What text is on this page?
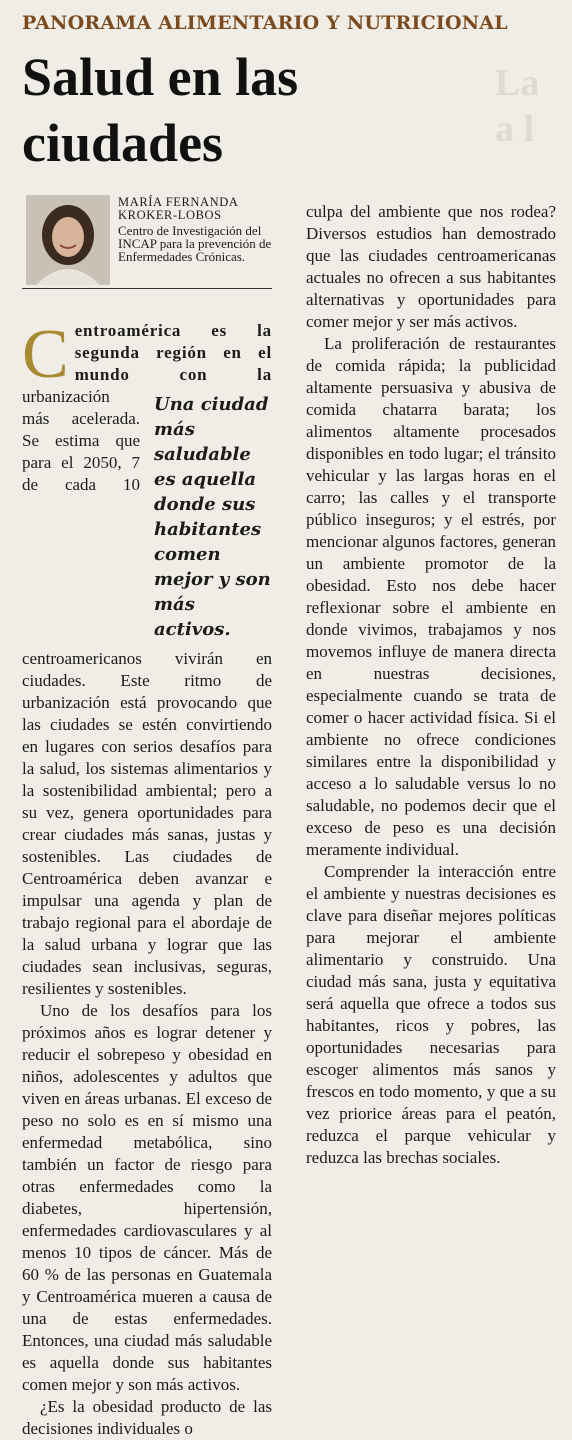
PANORAMA ALIMENTARIO Y NUTRICIONAL
Salud en las ciudades
La
a l
MARÍA FERNANDA
KROKER-LOBOS
Centro de Investigación del INCAP para la prevención de Enfermedades Crónicas.

C entroamérica es la segunda región en el mundo con la
Una ciudad más saludable es aquella donde sus habitantes comen mejor y son más activos.
urbanización más acelerada. Se estima que para el 2050, 7 de cada 10 centroamericanos vivirán en ciudades. Este ritmo de urbanización está provocando que las ciudades se estén convirtiendo en lugares con serios desafíos para la salud, los sistemas alimentarios y la sostenibilidad ambiental; pero a su vez, genera oportunidades para crear ciudades más sanas, justas y sostenibles. Las ciudades de Centroamérica deben avanzar e impulsar una agenda y plan de trabajo regional para el abordaje de la salud urbana y lograr que las ciudades sean inclusivas, seguras, resilientes y sostenibles.

Uno de los desafíos para los próximos años es lograr detener y reducir el sobrepeso y obesidad en niños, adolescentes y adultos que viven en áreas urbanas. El exceso de peso no solo es en sí mismo una enfermedad metabólica, sino también un factor de riesgo para otras enfermedades como la diabetes, hipertensión, enfermedades cardiovasculares y al menos 10 tipos de cáncer. Más de 60 % de las personas en Guatemala y Centroamérica mueren a causa de una de estas enfermedades. Entonces, una ciudad más saludable es aquella donde sus habitantes comen mejor y son más activos.

¿Es la obesidad producto de las decisiones individuales o

culpa del ambiente que nos rodea? Diversos estudios han demostrado que las ciudades centroamericanas actuales no ofrecen a sus habitantes alternativas y oportunidades para comer mejor y ser más activos.

La proliferación de restaurantes de comida rápida; la publicidad altamente persuasiva y abusiva de comida chatarra barata; los alimentos altamente procesados disponibles en todo lugar; el tránsito vehicular y las largas horas en el carro; las calles y el transporte público inseguros; y el estrés, por mencionar algunos factores, generan un ambiente promotor de la obesidad. Esto nos debe hacer reflexionar sobre el ambiente en donde vivimos, trabajamos y nos movemos influye de manera directa en nuestras decisiones, especialmente cuando se trata de comer o hacer actividad física. Si el ambiente no ofrece condiciones similares entre la disponibilidad y acceso a lo saludable versus lo no saludable, no podemos decir que el exceso de peso es una decisión meramente individual.

Comprender la interacción entre el ambiente y nuestras decisiones es clave para diseñar mejores políticas para mejorar el ambiente alimentario y construido. Una ciudad más sana, justa y equitativa será aquella que ofrece a todos sus habitantes, ricos y pobres, las oportunidades necesarias para escoger alimentos más sanos y frescos en todo momento, y que a su vez priorice áreas para el peatón, reduzca el parque vehicular y reduzca las brechas sociales.
